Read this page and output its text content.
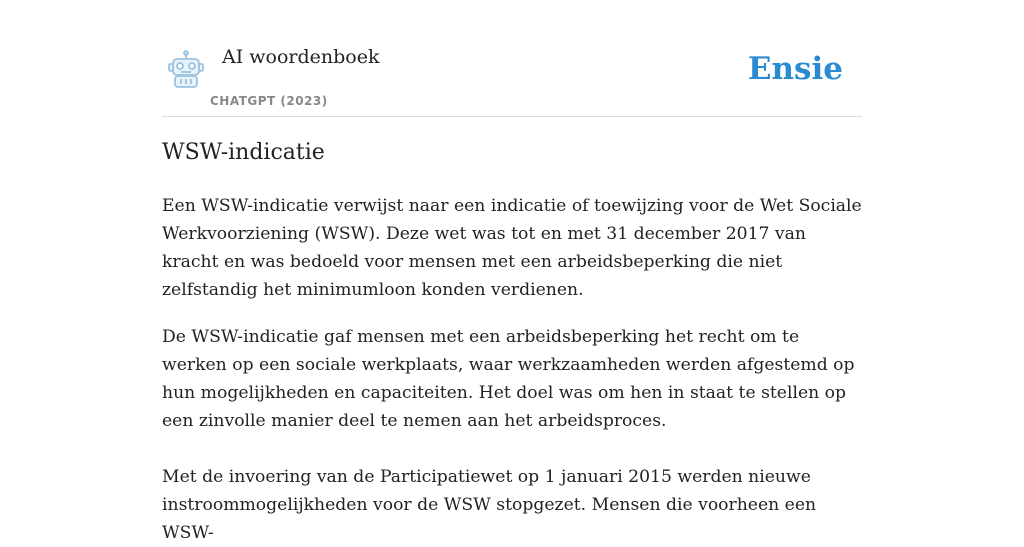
AI woordenboek
CHATGPT (2023)
Ensie
WSW-indicatie

Een WSW-indicatie verwijst naar een indicatie of toewijzing voor de Wet Sociale Werkvoorziening (WSW). Deze wet was tot en met 31 december 2017 van kracht en was bedoeld voor mensen met een arbeidsbeperking die niet zelfstandig het minimumloon konden verdienen.

De WSW-indicatie gaf mensen met een arbeidsbeperking het recht om te werken op een sociale werkplaats, waar werkzaamheden werden afgestemd op hun mogelijkheden en capaciteiten. Het doel was om hen in staat te stellen op een zinvolle manier deel te nemen aan het arbeidsproces.

Met de invoering van de Participatiewet op 1 januari 2015 werden nieuwe instroommogelijkheden voor de WSW stopgezet. Mensen die voorheen een WSW-
